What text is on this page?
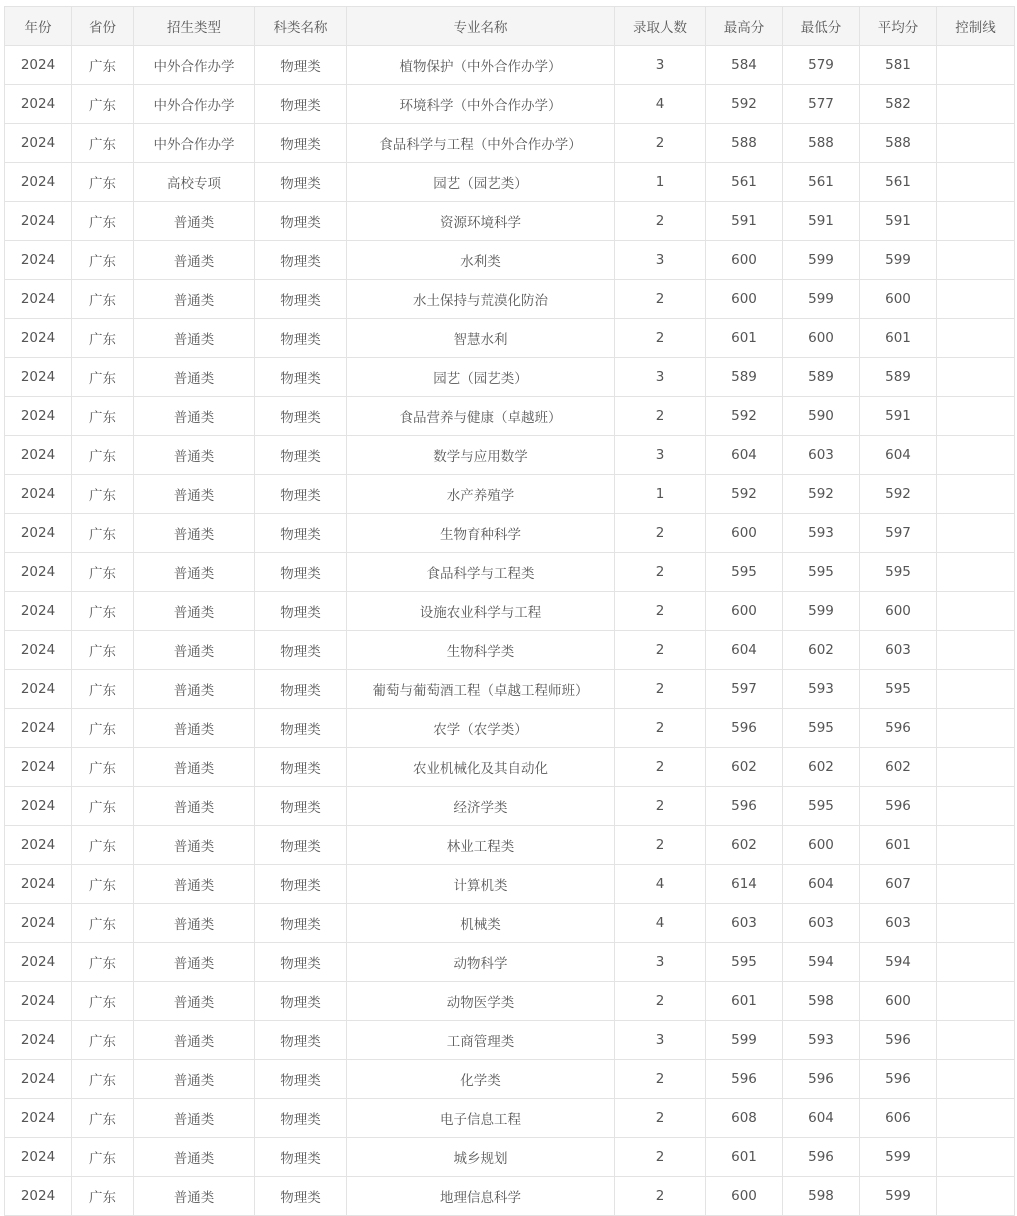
年份	省份	招生类型	科类名称	专业名称	录取人数	最高分	最低分	平均分	控制线
2024	广东	中外合作办学	物理类	植物保护（中外合作办学）	3	584	579	581	
2024	广东	中外合作办学	物理类	环境科学（中外合作办学）	4	592	577	582	
2024	广东	中外合作办学	物理类	食品科学与工程（中外合作办学）	2	588	588	588	
2024	广东	高校专项	物理类	园艺（园艺类）	1	561	561	561	
2024	广东	普通类	物理类	资源环境科学	2	591	591	591	
2024	广东	普通类	物理类	水利类	3	600	599	599	
2024	广东	普通类	物理类	水土保持与荒漠化防治	2	600	599	600	
2024	广东	普通类	物理类	智慧水利	2	601	600	601	
2024	广东	普通类	物理类	园艺（园艺类）	3	589	589	589	
2024	广东	普通类	物理类	食品营养与健康（卓越班）	2	592	590	591	
2024	广东	普通类	物理类	数学与应用数学	3	604	603	604	
2024	广东	普通类	物理类	水产养殖学	1	592	592	592	
2024	广东	普通类	物理类	生物育种科学	2	600	593	597	
2024	广东	普通类	物理类	食品科学与工程类	2	595	595	595	
2024	广东	普通类	物理类	设施农业科学与工程	2	600	599	600	
2024	广东	普通类	物理类	生物科学类	2	604	602	603	
2024	广东	普通类	物理类	葡萄与葡萄酒工程（卓越工程师班）	2	597	593	595	
2024	广东	普通类	物理类	农学（农学类）	2	596	595	596	
2024	广东	普通类	物理类	农业机械化及其自动化	2	602	602	602	
2024	广东	普通类	物理类	经济学类	2	596	595	596	
2024	广东	普通类	物理类	林业工程类	2	602	600	601	
2024	广东	普通类	物理类	计算机类	4	614	604	607	
2024	广东	普通类	物理类	机械类	4	603	603	603	
2024	广东	普通类	物理类	动物科学	3	595	594	594	
2024	广东	普通类	物理类	动物医学类	2	601	598	600	
2024	广东	普通类	物理类	工商管理类	3	599	593	596	
2024	广东	普通类	物理类	化学类	2	596	596	596	
2024	广东	普通类	物理类	电子信息工程	2	608	604	606	
2024	广东	普通类	物理类	城乡规划	2	601	596	599	
2024	广东	普通类	物理类	地理信息科学	2	600	598	599	
